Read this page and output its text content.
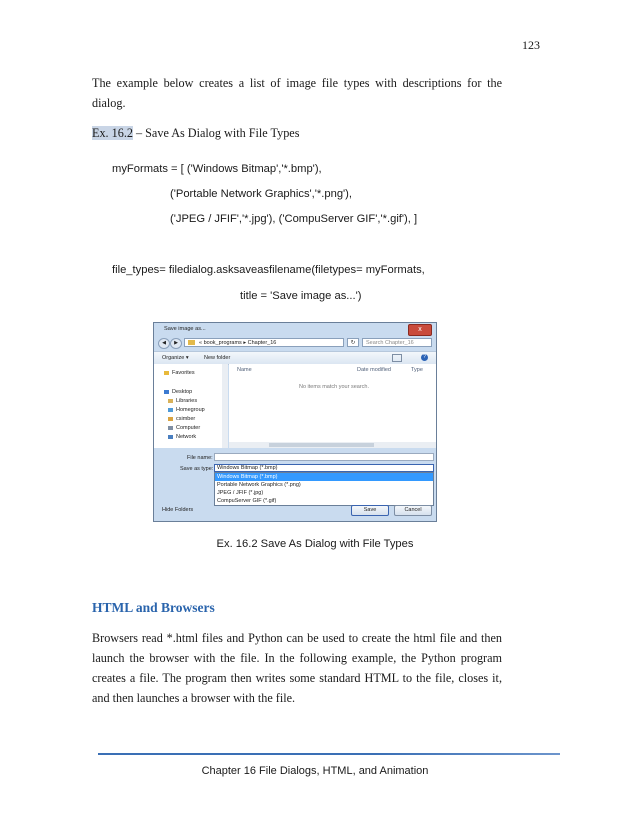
123

The example below creates a list of image file types with descriptions for the dialog.

Ex. 16.2 – Save As Dialog with File Types
myFormats = [ ('Windows Bitmap','*.bmp'),
('Portable Network Graphics','*.png'),
('JPEG / JFIF','*.jpg'), ('CompuServer GIF','*.gif'), ]
file_types= filedialog.asksaveasfilename(filetypes= myFormats,
title = 'Save image as...')
Save image as...	x
◀	▶	« book_programs ▸ Chapter_16	↻	Search Chapter_16
Organize ▾	New folder	?
Favorites
Desktop
Libraries
Homegroup
csimber
Computer
Network
Name	Date modified	Type
No items match your search.
File name:
Save as type: Windows Bitmap (*.bmp)
Windows Bitmap (*.bmp)
Portable Network Graphics (*.png)
JPEG / JFIF (*.jpg)
CompuServer GIF (*.gif)
Hide Folders	Save	Cancel
Ex. 16.2 Save As Dialog with File Types
HTML and Browsers

Browsers read *.html files and Python can be used to create the html file and then launch the browser with the file. In the following example, the Python program creates a file. The program then writes some standard HTML to the file, closes it, and then launches a browser with the file.

Chapter 16 File Dialogs, HTML, and Animation
